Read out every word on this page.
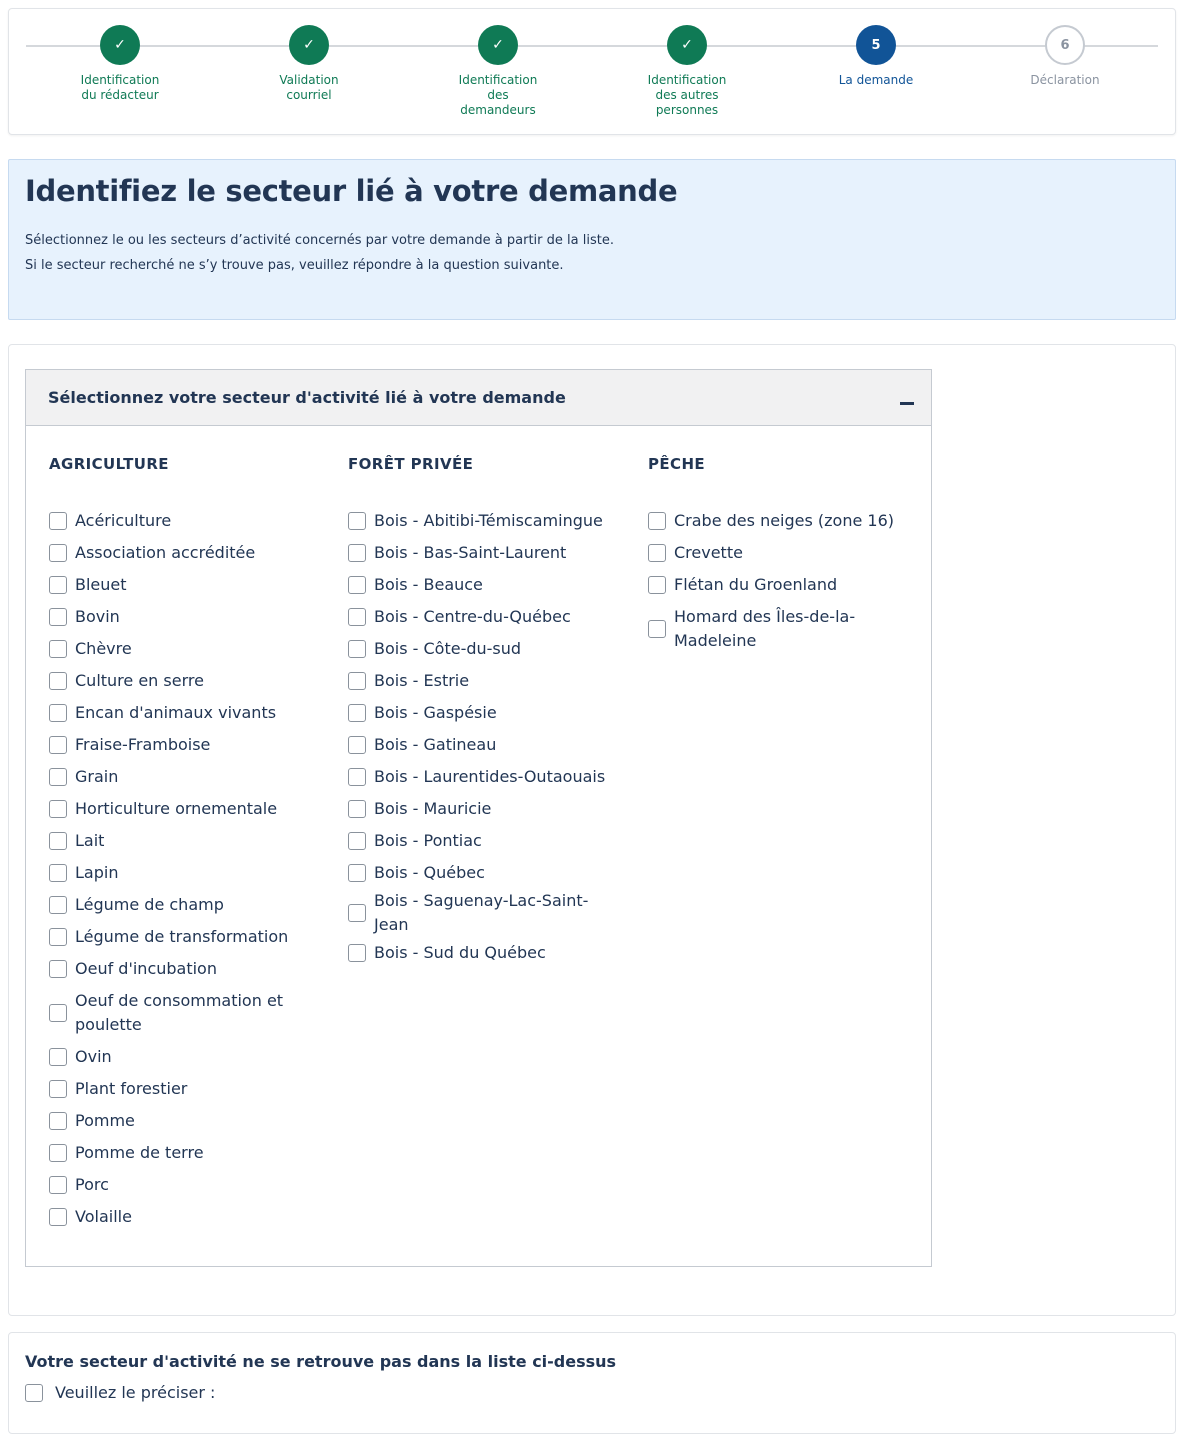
✓
Identification
du rédacteur
✓
Validation
courriel
✓
Identification
des
demandeurs
✓
Identification
des autres
personnes
5
La demande
6
Déclaration
Identifiez le secteur lié à votre demande

Sélectionnez le ou les secteurs d’activité concernés par votre demande à partir de la liste.

Si le secteur recherché ne s’y trouve pas, veuillez répondre à la question suivante.

Sélectionnez votre secteur d'activité lié à votre demande
AGRICULTURE
Acériculture
Association accréditée
Bleuet
Bovin
Chèvre
Culture en serre
Encan d'animaux vivants
Fraise-Framboise
Grain
Horticulture ornementale
Lait
Lapin
Légume de champ
Légume de transformation
Oeuf d'incubation
Oeuf de consommation et poulette
Ovin
Plant forestier
Pomme
Pomme de terre
Porc
Volaille
FORÊT PRIVÉE
Bois - Abitibi-Témiscamingue
Bois - Bas-Saint-Laurent
Bois - Beauce
Bois - Centre-du-Québec
Bois - Côte-du-sud
Bois - Estrie
Bois - Gaspésie
Bois - Gatineau
Bois - Laurentides-Outaouais
Bois - Mauricie
Bois - Pontiac
Bois - Québec
Bois - Saguenay-Lac-Saint-Jean
Bois - Sud du Québec
PÊCHE
Crabe des neiges (zone 16)
Crevette
Flétan du Groenland
Homard des Îles-de-la-Madeleine
Votre secteur d'activité ne se retrouve pas dans la liste ci-dessus
Veuillez le préciser :
